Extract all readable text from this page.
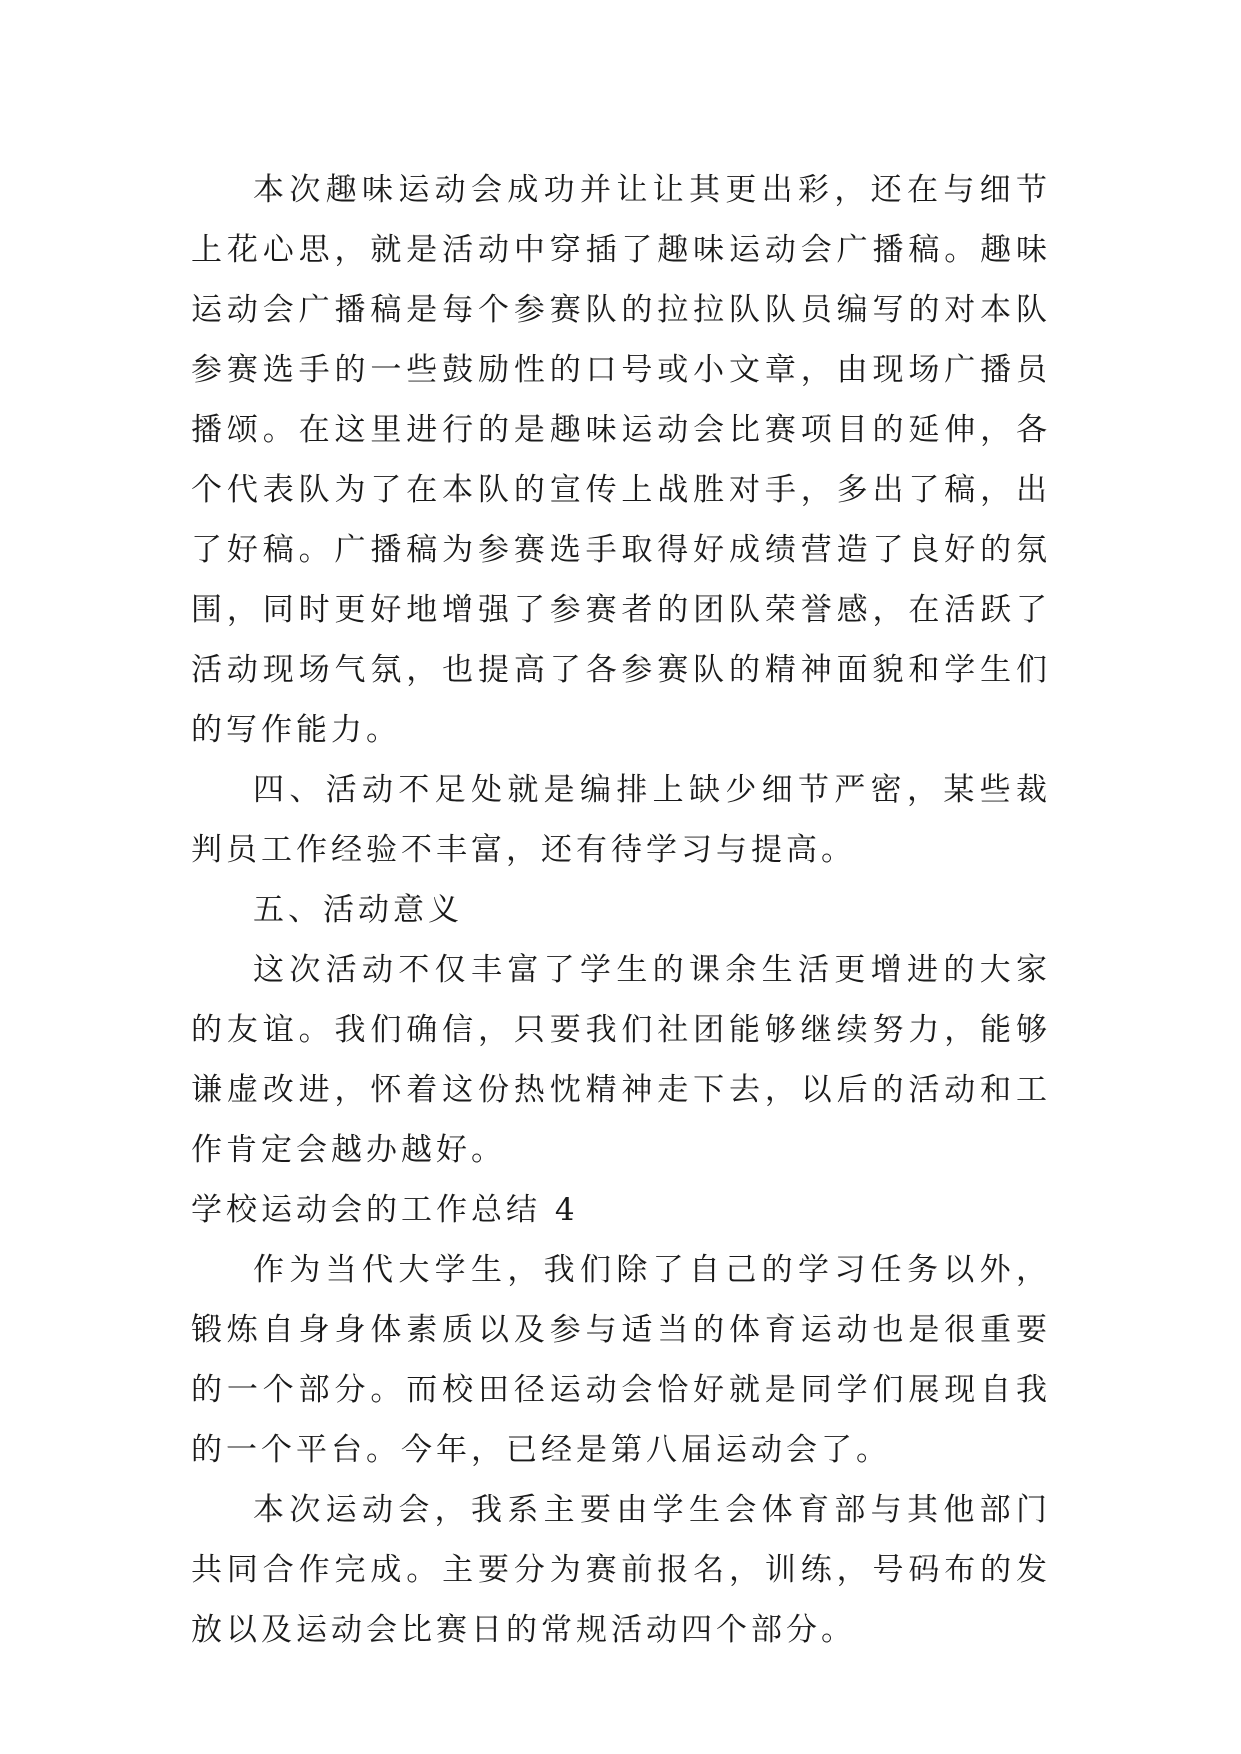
本次趣味运动会成功并让让其更出彩，还在与细节上花心思，就是活动中穿插了趣味运动会广播稿。趣味运动会广播稿是每个参赛队的拉拉队队员编写的对本队参赛选手的一些鼓励性的口号或小文章，由现场广播员播颂。在这里进行的是趣味运动会比赛项目的延伸，各个代表队为了在本队的宣传上战胜对手，多出了稿，出了好稿。广播稿为参赛选手取得好成绩营造了良好的氛围，同时更好地增强了参赛者的团队荣誉感，在活跃了活动现场气氛，也提高了各参赛队的精神面貌和学生们的写作能力。

四、活动不足处就是编排上缺少细节严密，某些裁判员工作经验不丰富，还有待学习与提高。

五、活动意义

这次活动不仅丰富了学生的课余生活更增进的大家的友谊。我们确信，只要我们社团能够继续努力，能够谦虚改进，怀着这份热忱精神走下去，以后的活动和工作肯定会越办越好。

学校运动会的工作总结 4

作为当代大学生，我们除了自己的学习任务以外，锻炼自身身体素质以及参与适当的体育运动也是很重要的一个部分。而校田径运动会恰好就是同学们展现自我的一个平台。今年，已经是第八届运动会了。

本次运动会，我系主要由学生会体育部与其他部门共同合作完成。主要分为赛前报名，训练，号码布的发放以及运动会比赛日的常规活动四个部分。
